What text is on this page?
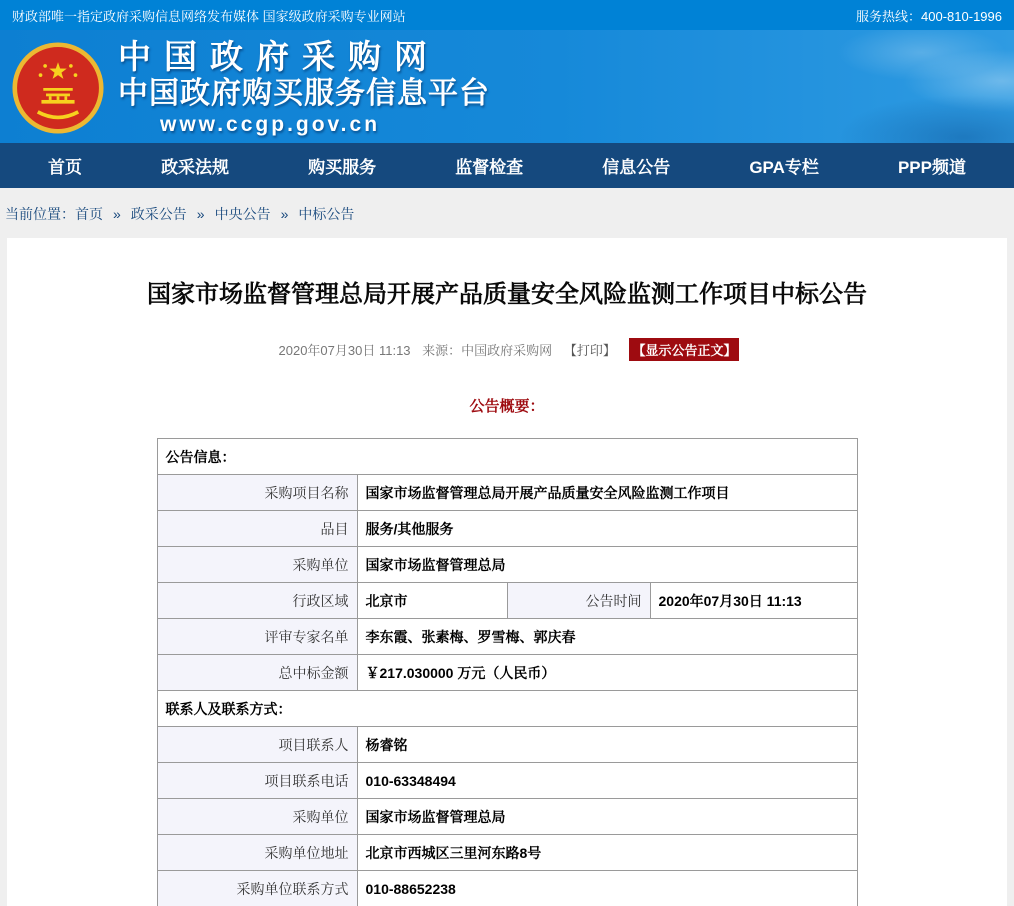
财政部唯一指定政府采购信息网络发布媒体 国家级政府采购专业网站	服务热线：400-810-1996
中国政府采购网
中国政府购买服务信息平台
www.ccgp.gov.cn
首页	政采法规	购买服务	监督检查	信息公告	GPA专栏	PPP频道
当前位置：首页 » 政采公告 » 中央公告 » 中标公告
国家市场监督管理总局开展产品质量安全风险监测工作项目中标公告
2020年07月30日 11:13 来源：中国政府采购网 【打印】 【显示公告正文】
公告概要：
公告信息：			
采购项目名称	国家市场监督管理总局开展产品质量安全风险监测工作项目		
品目	服务/其他服务		
采购单位	国家市场监督管理总局		
行政区域	北京市	公告时间	2020年07月30日 11:13
评审专家名单	李东霞、张素梅、罗雪梅、郭庆春		
总中标金额	￥217.030000 万元（人民币）		
联系人及联系方式：			
项目联系人	杨睿铭		
项目联系电话	010-63348494		
采购单位	国家市场监督管理总局		
采购单位地址	北京市西城区三里河东路8号		
采购单位联系方式	010-88652238		
